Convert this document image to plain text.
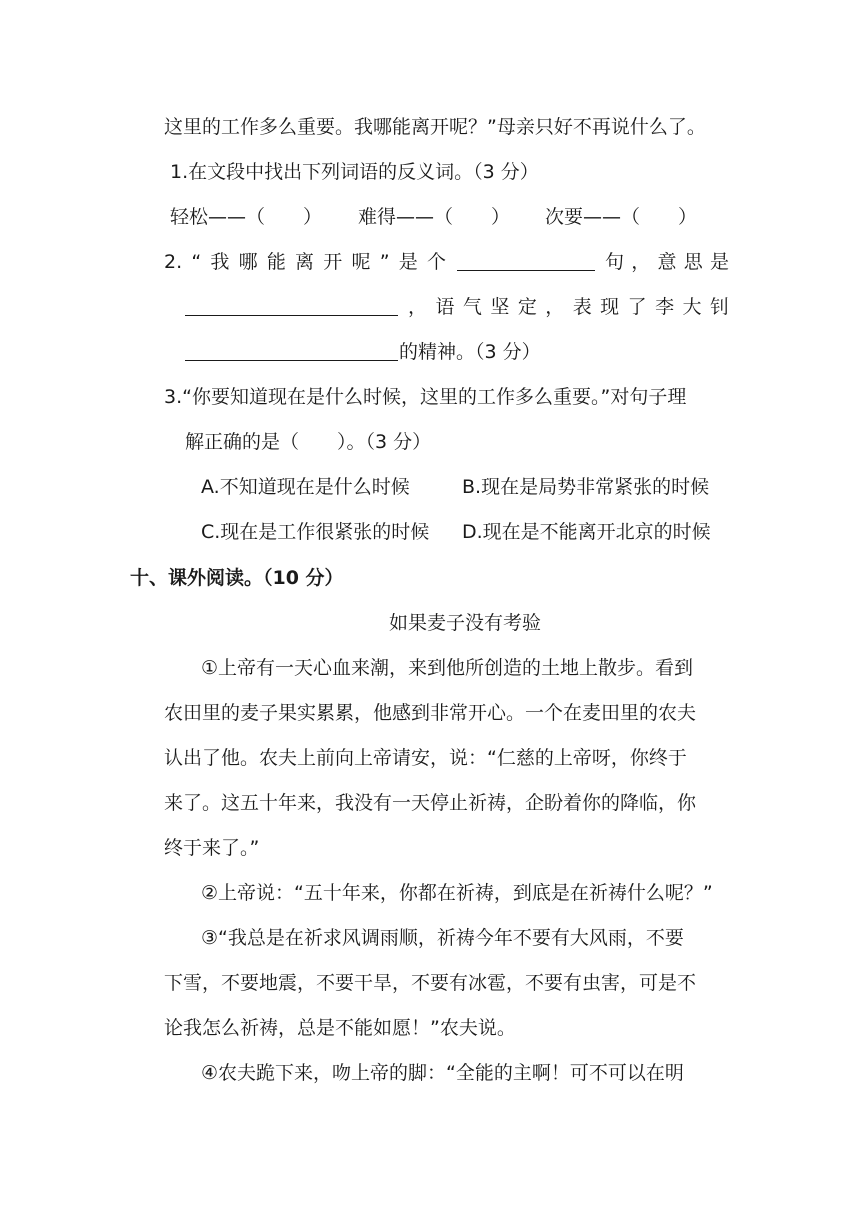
这里的工作多么重要。我哪能离开呢？”母亲只好不再说什么了。
1.在文段中找出下列词语的反义词。（3 分）
轻松——（　　） 难得——（　　） 次要——（　　）
2. “ 我 哪 能 离 开 呢 ” 是 个	句 ， 意 思 是
， 语 气 坚 定 ， 表 现 了 李 大 钊
的精神。（3 分）
3.“你要知道现在是什么时候，这里的工作多么重要。”对句子理
解正确的是（　　）。（3 分）
A.不知道现在是什么时候	B.现在是局势非常紧张的时候
C.现在是工作很紧张的时候 D.现在是不能离开北京的时候
十、课外阅读。（10 分）
如果麦子没有考验
①上帝有一天心血来潮，来到他所创造的土地上散步。看到
农田里的麦子果实累累，他感到非常开心。一个在麦田里的农夫
认出了他。农夫上前向上帝请安，说：“仁慈的上帝呀，你终于
来了。这五十年来，我没有一天停止祈祷，企盼着你的降临，你
终于来了。”
②上帝说：“五十年来，你都在祈祷，到底是在祈祷什么呢？”
③“我总是在祈求风调雨顺，祈祷今年不要有大风雨，不要
下雪，不要地震，不要干旱，不要有冰雹，不要有虫害，可是不
论我怎么祈祷，总是不能如愿！”农夫说。
④农夫跪下来，吻上帝的脚：“全能的主啊！可不可以在明
